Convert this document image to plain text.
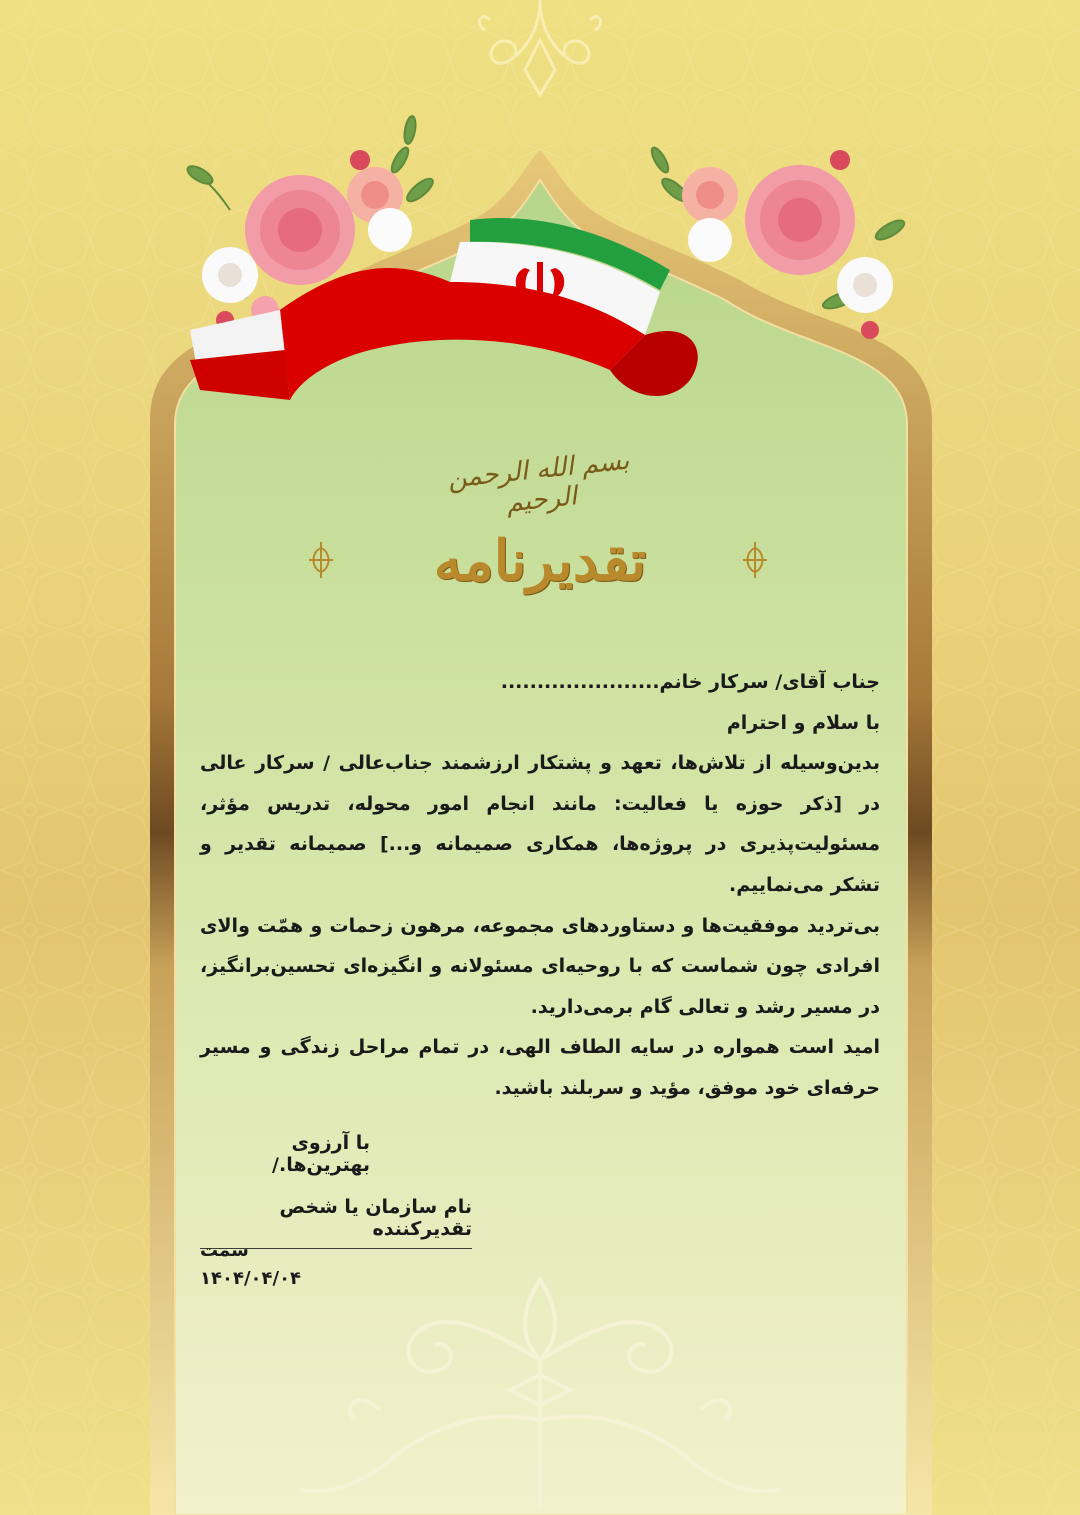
بسم الله الرحمن الرحیم
تقدیرنامه

جناب آقای/ سرکار خانم......................

با سلام و احترام

بدین‌وسیله از تلاش‌ها، تعهد و پشتکار ارزشمند جناب‌عالی / سرکار عالی در [ذکر حوزه یا فعالیت: مانند انجام امور محوله، تدریس مؤثر، مسئولیت‌پذیری در پروژه‌ها، همکاری صمیمانه و...] صمیمانه تقدیر و تشکر می‌نماییم.

بی‌تردید موفقیت‌ها و دستاوردهای مجموعه، مرهون زحمات و همّت والای افرادی چون شماست که با روحیه‌ای مسئولانه و انگیزه‌ای تحسین‌برانگیز، در مسیر رشد و تعالی گام برمی‌دارید.

امید است همواره در سایه الطاف الهی، در تمام مراحل زندگی و مسیر حرفه‌ای خود موفق، مؤید و سربلند باشید.

با آرزوی بهترین‌ها./
نام سازمان یا شخص تقدیرکننده
سمت
۱۴۰۴/۰۴/۰۴
